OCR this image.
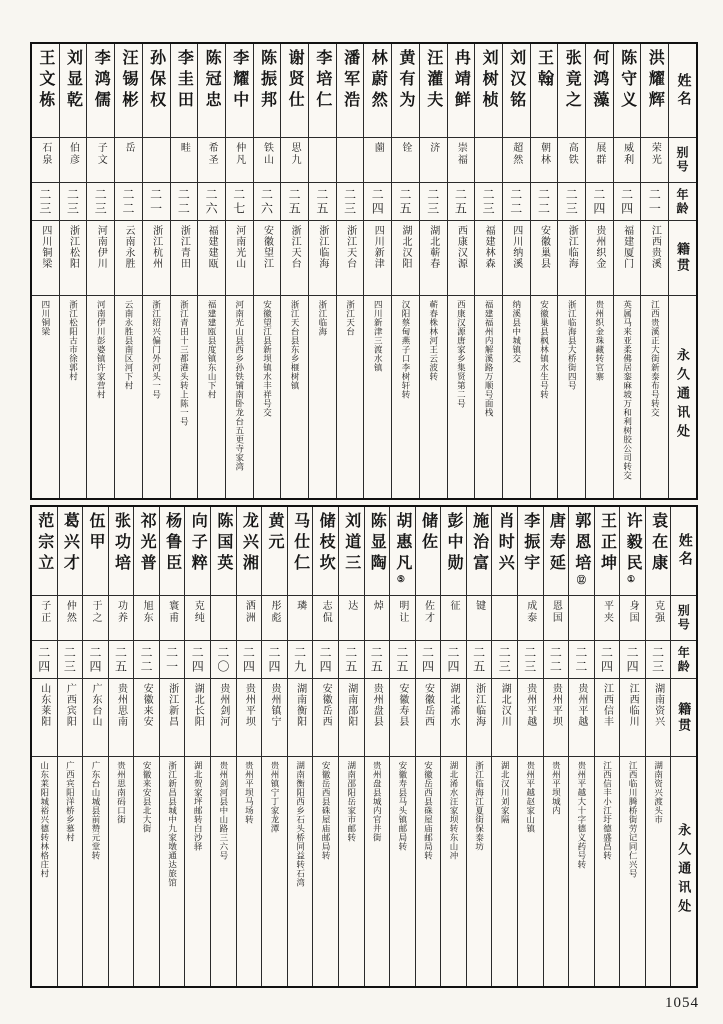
王文栋
石泉
二三
四川铜梁
四川铜梁
刘显乾
伯彦
二三
浙江松阳
浙江松阳古市徐郭村
李鸿儒
子文
二三
河南伊川
河南伊川彭婆镇许家营村
汪锡彬
岳
二二
云南永胜
云南永胜县南区河下村
孙保权
二一
浙江杭州
浙江绍兴偏门外河头一号
李圭田
畦
二二
浙江青田
浙江青田十三都港头转上陈一号
陈冠忠
希圣
二六
福建建瓯
福建建瓯县度镇东山下村
李耀中
仲凡
二七
河南光山
河南光山县西乡孙铁铺南卧龙台五更寺家湾
陈振邦
铁山
二六
安徽望江
安徽望江县新坝镇水丰祥号交
谢贤仕
思九
二五
浙江天台
浙江天台县东乡榧树镇
李培仁
二五
浙江临海
浙江临海
潘军浩
二三
浙江天台
浙江天台
林蔚然
薗
二四
四川新津
四川新津三渡水镇
黄有为
铨
二五
湖北汉阳
汉阳蔡甸燕子口李树轩转
汪灌夫
济
二三
湖北蕲春
蕲春株林河王云波转
冉靖鲜
崇福
二五
西康汉源
西康汉源唐家乡集贤第二号
刘树桢
二三
福建林森
福建福州内解溪路万顺号面栈
刘汉铭
超然
二二
四川纳溪
纳溪县中城镇交
王翰
朝林
二二
安徽巢县
安徽巢县枫林镇水生号转
张竟之
高铁
二三
浙江临海
浙江临海县大桥街四号
何鸿藻
展群
二四
贵州织金
贵州织金珠藏转官寨
陈守义
威利
二四
福建厦门
英属马来亚柔佛居銮麻坡万和利树胶公司转交
洪耀辉
荣光
二一
江西贵溪
江西贵溪正大街新泰布号转交
姓名
别号
年龄
籍贯
永久通讯处
范宗立
子正
二四
山东莱阳
山东莱阳城裕兴德转林格庄村
葛兴才
仲然
二三
广西宾阳
广西宾阳洋桥乡慕村
伍甲
于之
二四
广东台山
广东台山城县前赞元堂转
张功培
功养
二五
贵州思南
贵州思南码口街
祁光普
旭东
二二
安徽来安
安徽来安县北大街
杨鲁臣
寰甫
二一
浙江新昌
浙江新昌县城中九家墩通达旅馆
向子粹
克纯
二四
湖北长阳
湖北贺家坪邮转白沙驿
陈国英
二〇
贵州剑河
贵州剑河县中山路三六号
龙兴湘
洒洲
二四
贵州平坝
贵州平坝马场转
黄元
彤彪
二四
贵州镇宁
贵州镇宁丁家龙潭
马仕仁
璘
二九
湖南衡阳
湖南衡阳西乡石头桥同益转石湾
储枝坎
志侃
二四
安徽岳西
安徽岳西县硃屋庙邮局转
刘道三
达
二五
湖南邵阳
湖南邵阳岳家市邮转
陈显陶
焯
二五
贵州盘县
贵州盘县城内官井街
胡惠凡⑤
明让
二五
安徽寿县
安徽寿县马头镇邮局转
储佐
佐才
二四
安徽岳西
安徽岳西县硃屋庙邮局转
彭中勋
征
二四
湖北浠水
湖北浠水汪家坝转东山冲
施治富
键
二五
浙江临海
浙江临海江夏街保泰坊
肖时兴
二三
湖北汉川
湖北汉川刘家隔
李振宇
成泰
二三
贵州平越
贵州平越赵家山镇
唐寿延
恩国
二二
贵州平坝
贵州平坝城内
郭恩培⑫
二二
贵州平越
贵州平越大十字德义药号转
王正坤
平夹
二四
江西信丰
江西信丰小江圩德盛昌转
许毅民①
身国
二四
江西临川
江西临川腾桥街劳记同仁兴号
袁在康
克强
二三
湖南资兴
湖南资兴渡头市
姓名
别号
年龄
籍贯
永久通讯处
1054
